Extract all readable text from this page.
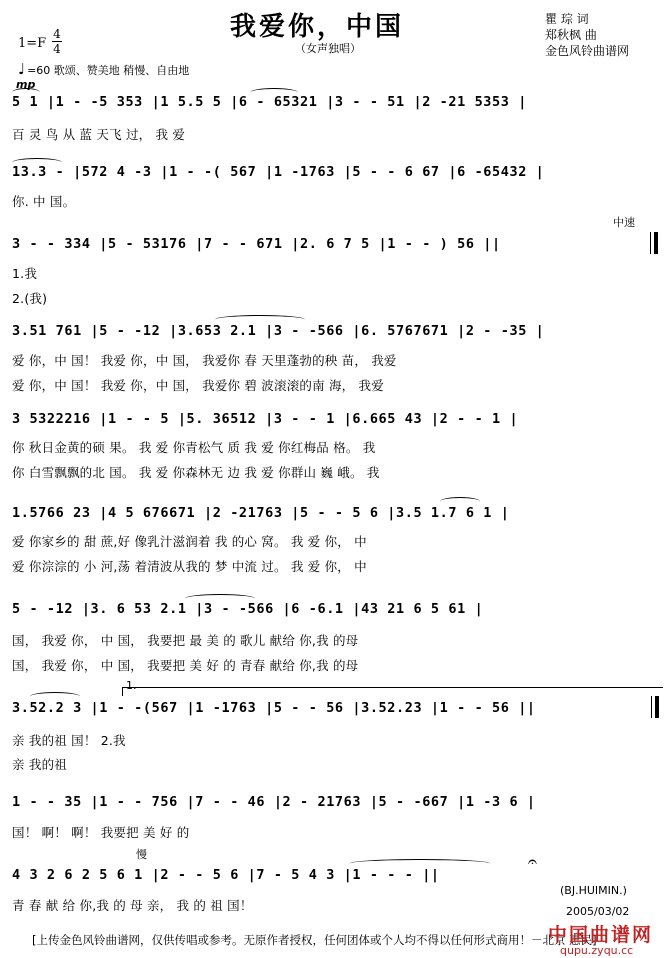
我爱你，中国
（女声独唱）
瞿 琮 词
郑秋枫 曲
金色风铃曲谱网
1=F
4
4
♩ =60 歌颂、赞美地 稍慢、自由地
mp
中速
慢	𝄐
5 1 |1 - -5 353 |1 5.5 5 |6 - 65321 |3 - - 51 |2 -21 5353 |
百 灵 鸟 从 蓝 天飞 过， 我 爱
13.3 - |572 4 -3 |1 - -( 567 |1 -1763 |5 - - 6 67 |6 -65432 |
你. 中 国。
3 - - 334 |5 - 53176 |7 - - 671 |2. 6 7 5 |1 - - ) 56 ||
1.我
2.(我)
3.51 761 |5 - -12 |3.653 2.1 |3 - -566 |6. 5767671 |2 - -35 |
爱 你，中 国！ 我爱 你，中 国， 我爱你 春 天里蓬勃的秧 苗， 我爱
爱 你，中 国！ 我爱 你，中 国， 我爱你 碧 波滚滚的南 海， 我爱
3 5322216 |1 - - 5 |5. 36512 |3 - - 1 |6.665 43 |2 - - 1 |
你 秋日金黄的硕 果。 我 爱 你青松气 质 我 爱 你红梅品 格。 我
你 白雪飘飘的北 国。 我 爱 你森林无 边 我 爱 你群山 巍 峨。 我
1.5766 23 |4 5 676671 |2 -21763 |5 - - 5 6 |3.5 1.7 6 1 |
爱 你家乡的 甜 蔗,好 像乳汁滋润着 我 的心 窝。 我 爱 你， 中
爱 你淙淙的 小 河,荡 着清波从我的 梦 中流 过。 我 爱 你， 中
5 - -12 |3. 6 53 2.1 |3 - -566 |6 -6.1 |43 21 6 5 61 |
国， 我爱 你， 中 国， 我要把 最 美 的 歌儿 献给 你,我 的母
国， 我爱 你， 中 国， 我要把 美 好 的 青春 献给 你,我 的母
1.
3.52.2 3 |1 - -(567 |1 -1763 |5 - - 56 |3.52.23 |1 - - 56 ||
亲 我的祖 国！ 2.我
亲 我的祖
1 - - 35 |1 - - 756 |7 - - 46 |2 - 21763 |5 - -667 |1 -3 6 |
国！ 啊！ 啊！ 我要把 美 好 的
4 3 2 6 2 5 6 1 |2 - - 5 6 |7 - 5 4 3 |1 - - - ||
青 春 献 给 你,我 的 母 亲， 我 的 祖 国！
(BJ.HUIMIN.)
2005/03/02
[上传金色风铃曲谱网，仅供传唱或参考。无原作者授权，任何团体或个人均不得以任何形式商用！－北京 惠民]
中国曲谱网
qupu.zyqu.cc
